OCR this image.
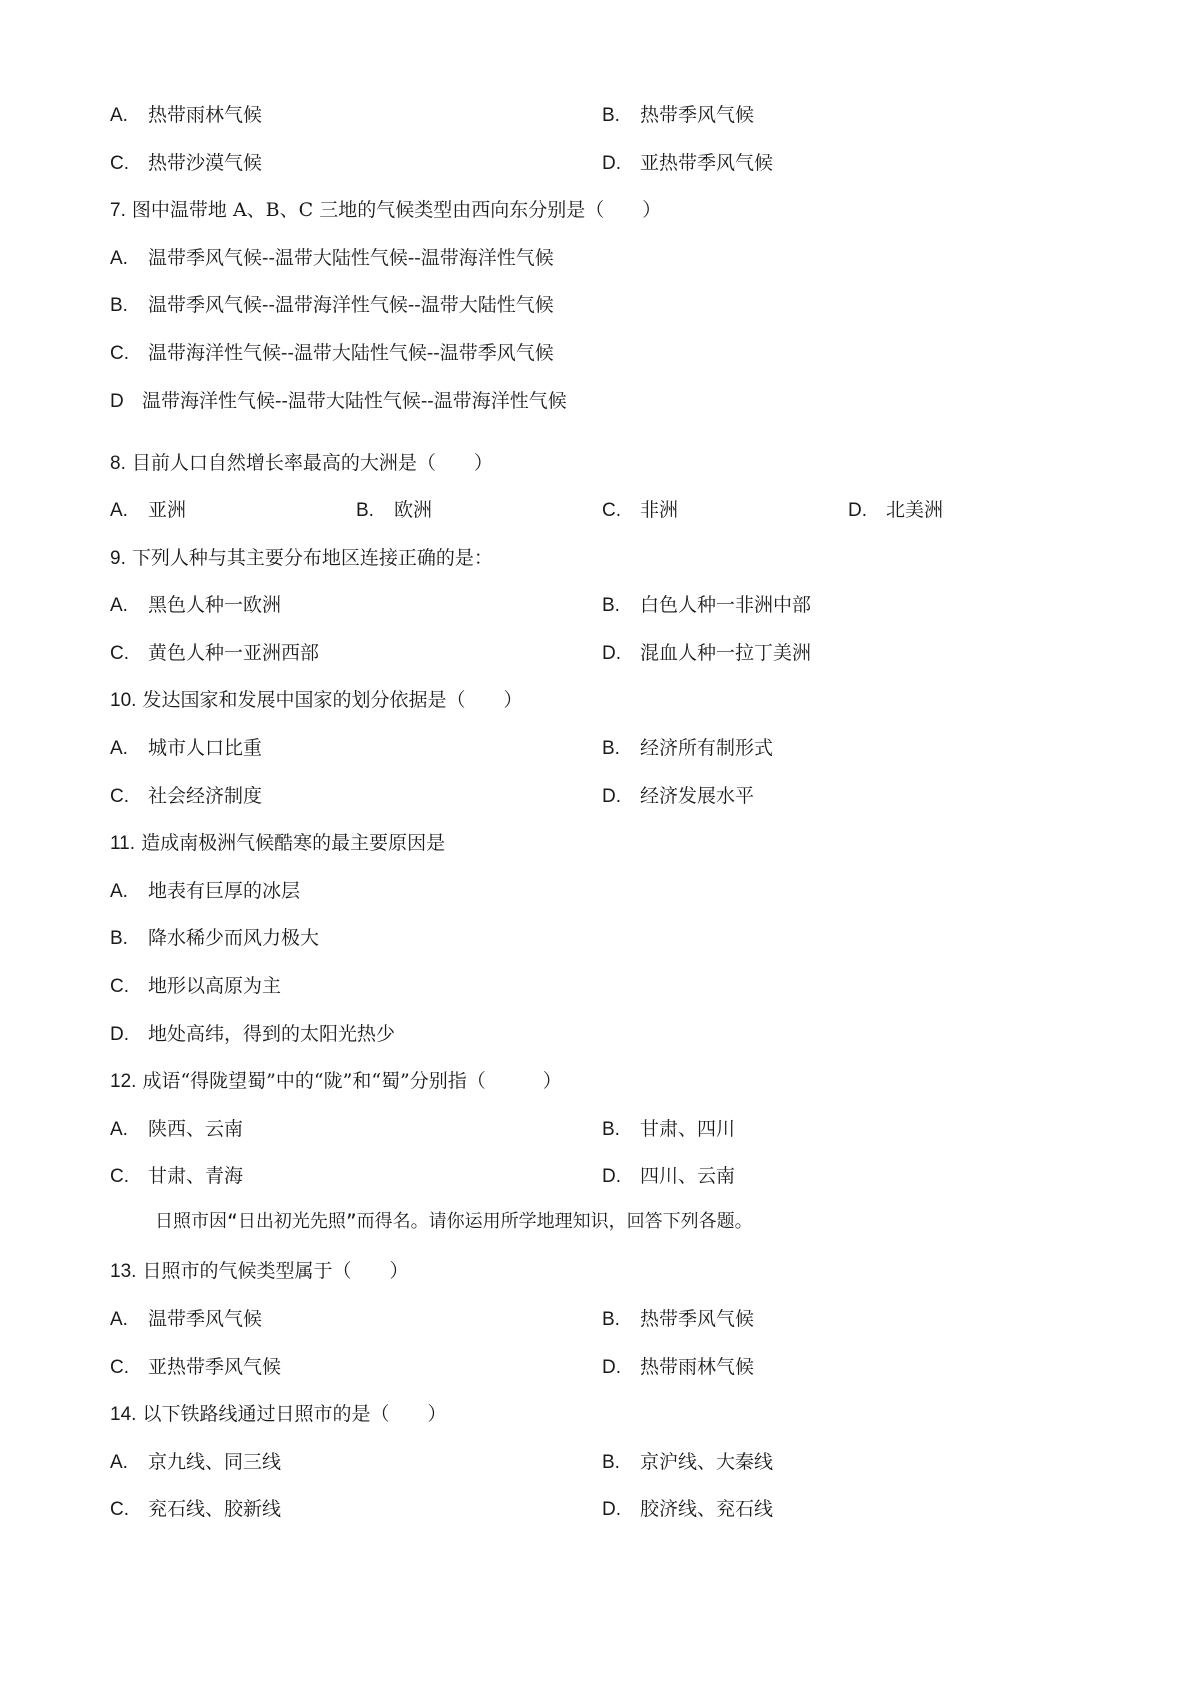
A. 热带雨林气候	B. 热带季风气候
C. 热带沙漠气候	D. 亚热带季风气候
7. 图中温带地 A、B、C 三地的气候类型由西向东分别是（　　）
A. 温带季风气候--温带大陆性气候--温带海洋性气候
B. 温带季风气候--温带海洋性气候--温带大陆性气候
C. 温带海洋性气候--温带大陆性气候--温带季风气候
D 温带海洋性气候--温带大陆性气候--温带海洋性气候
8. 目前人口自然增长率最高的大洲是（　　）
A. 亚洲	B. 欧洲	C. 非洲	D. 北美洲
9. 下列人种与其主要分布地区连接正确的是：
A. 黑色人种一欧洲	B. 白色人种一非洲中部
C. 黄色人种一亚洲西部	D. 混血人种一拉丁美洲
10. 发达国家和发展中国家的划分依据是（　　）
A. 城市人口比重	B. 经济所有制形式
C. 社会经济制度	D. 经济发展水平
11. 造成南极洲气候酷寒的最主要原因是
A. 地表有巨厚的冰层
B. 降水稀少而风力极大
C. 地形以高原为主
D. 地处高纬，得到的太阳光热少
12. 成语“得陇望蜀”中的“陇”和“蜀”分别指（　　　）
A. 陕西、云南	B. 甘肃、四川
C. 甘肃、青海	D. 四川、云南
日照市因“日出初光先照”而得名。请你运用所学地理知识，回答下列各题。
13. 日照市的气候类型属于（　　）
A. 温带季风气候	B. 热带季风气候
C. 亚热带季风气候	D. 热带雨林气候
14. 以下铁路线通过日照市的是（　　）
A. 京九线、同三线	B. 京沪线、大秦线
C. 兖石线、胶新线	D. 胶济线、兖石线
